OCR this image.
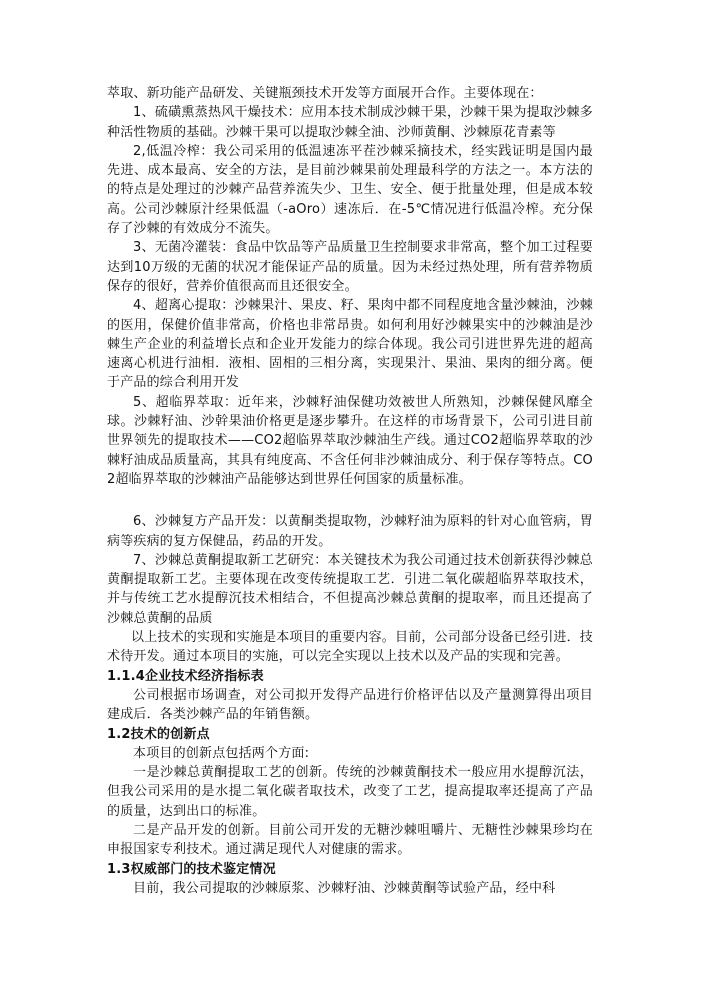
萃取、新功能产品研发、关键瓶颈技术开发等方面展开合作。主要体现在：

1、硫磺熏蒸热风干燥技术：应用本技术制成沙棘干果，沙棘干果为提取沙棘多种活性物质的基础。沙棘干果可以提取沙棘全油、沙师黄酮、沙棘原花青素等

2,低温冷榨：我公司采用的低温速冻平茬沙棘采摘技术，经实践证明是国内最先进、成本最高、安全的方法，是目前沙棘果前处理最科学的方法之一。本方法的的特点是处理过的沙棘产品营养流失少、卫生、安全、便于批量处理，但是成本较高。公司沙棘原汁经果低温（-aOro）速冻后．在-5℃情况进行低温冷榨。充分保存了沙棘的有效成分不流失。

3、无菌冷灌装：食品中饮品等产品质量卫生控制要求非常高，整个加工过程要达到10万级的无菌的状况才能保证产品的质量。因为未经过热处理，所有营养物质保存的很好，营养价值很高而且还很安全。

4、超离心提取：沙棘果汁、果皮、籽、果肉中都不同程度地含量沙棘油，沙棘的医用，保健价值非常高，价格也非常昂贵。如何利用好沙棘果实中的沙棘油是沙棘生产企业的利益增长点和企业开发能力的综合体现。我公司引进世界先进的超高速离心机进行油相．液相、固相的三相分离，实现果汁、果油、果肉的细分离。便于产品的综合利用开发

5、超临界萃取：近年来，沙棘籽油保健功效被世人所熟知，沙棘保健风靡全球。沙棘籽油、沙幹果油价格更是逐步攀升。在这样的市场背景下，公司引进目前世界领先的提取技术——CO2超临界萃取沙棘油生产线。通过CO2超临界萃取的沙棘籽油成品质量高，其具有纯度高、不含任何非沙棘油成分、利于保存等特点。CO2超临界萃取的沙棘油产品能够达到世界任何国家的质量标准。

6、沙棘复方产品开发：以黄酮类提取物，沙棘籽油为原料的针对心血管病，胃病等疾病的复方保健品，药品的开发。

7、沙棘总黄酮提取新工艺研究：本关键技术为我公司通过技术创新获得沙棘总黄酮提取新工艺。主要体现在改变传统提取工艺．引进二氧化碳超临界萃取技术，并与传统工艺水提醇沉技术相结合，不但提高沙棘总黄酮的提取率，而且还提高了沙棘总黄酮的品质

以上技术的实现和实施是本项目的重要内容。目前，公司部分设备已经引进．技术待开发。通过本项目的实施，可以完全实现以上技术以及产品的实现和完善。

1.1.4企业技术经济指标表

公司根据市场调查，对公司拟开发得产品进行价格评估以及产量测算得出项目建成后．各类沙棘产品的年销售额。

1.2技术的创新点

本项目的创新点包括两个方面:

一是沙棘总黄酮提取工艺的创新。传统的沙棘黄酮技术一般应用水提醇沉法，但我公司采用的是水提二氧化碳者取技术，改变了工艺，提高提取率还提高了产品的质量，达到出口的标准。

二是产品开发的创新。目前公司开发的无糖沙棘咀嚼片、无糖性沙棘果珍均在申报国家专利技术。通过满足现代人对健康的需求。

1.3权威部门的技术鉴定情况

目前，我公司提取的沙棘原浆、沙棘籽油、沙棘黄酮等试验产品，经中科
